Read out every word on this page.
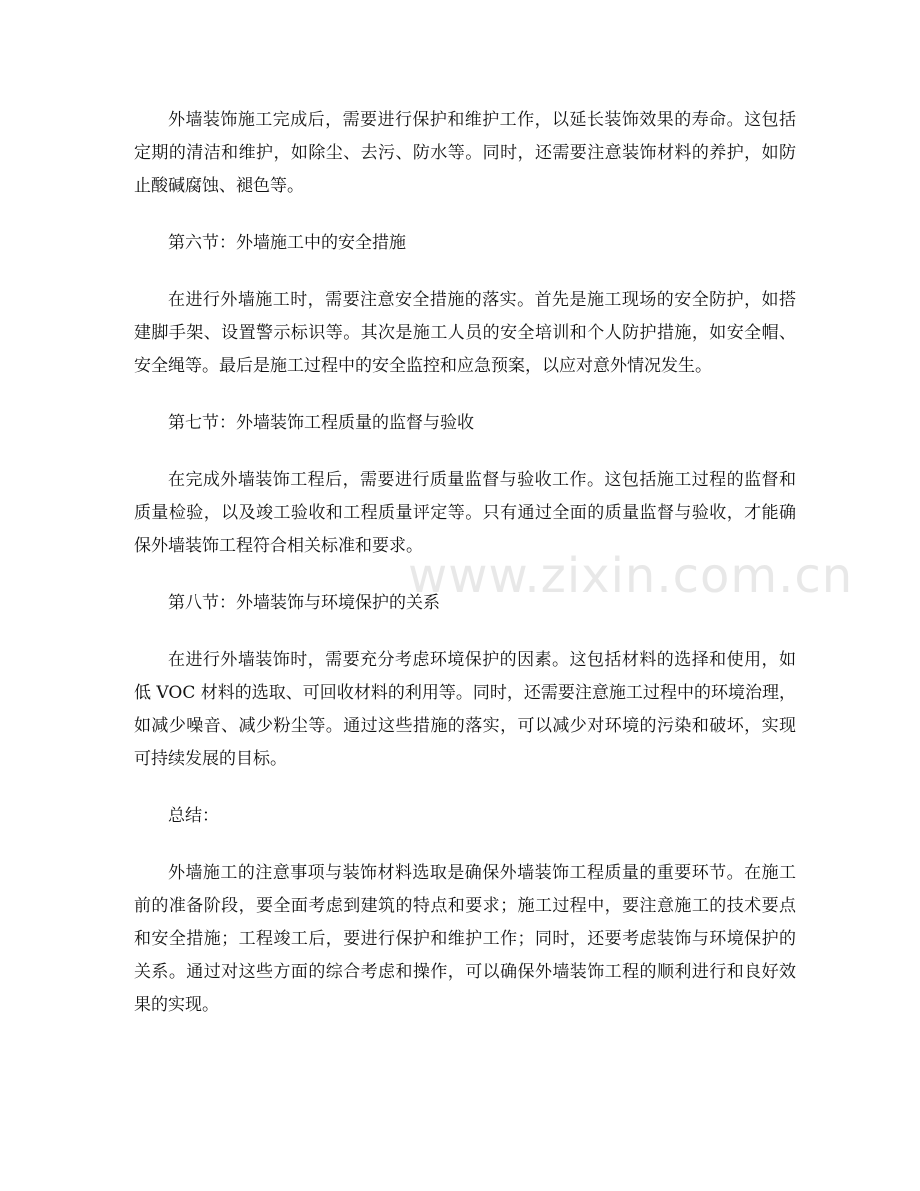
外墙装饰施工完成后，需要进行保护和维护工作，以延长装饰效果的寿命。这包括定期的清洁和维护，如除尘、去污、防水等。同时，还需要注意装饰材料的养护，如防止酸碱腐蚀、褪色等。

第六节：外墙施工中的安全措施

在进行外墙施工时，需要注意安全措施的落实。首先是施工现场的安全防护，如搭建脚手架、设置警示标识等。其次是施工人员的安全培训和个人防护措施，如安全帽、安全绳等。最后是施工过程中的安全监控和应急预案，以应对意外情况发生。

第七节：外墙装饰工程质量的监督与验收

在完成外墙装饰工程后，需要进行质量监督与验收工作。这包括施工过程的监督和质量检验，以及竣工验收和工程质量评定等。只有通过全面的质量监督与验收，才能确保外墙装饰工程符合相关标准和要求。

第八节：外墙装饰与环境保护的关系

在进行外墙装饰时，需要充分考虑环境保护的因素。这包括材料的选择和使用，如低 VOC 材料的选取、可回收材料的利用等。同时，还需要注意施工过程中的环境治理，如减少噪音、减少粉尘等。通过这些措施的落实，可以减少对环境的污染和破坏，实现可持续发展的目标。

总结：

外墙施工的注意事项与装饰材料选取是确保外墙装饰工程质量的重要环节。在施工前的准备阶段，要全面考虑到建筑的特点和要求；施工过程中，要注意施工的技术要点和安全措施；工程竣工后，要进行保护和维护工作；同时，还要考虑装饰与环境保护的关系。通过对这些方面的综合考虑和操作，可以确保外墙装饰工程的顺利进行和良好效果的实现。

www.zixin.com.cn
